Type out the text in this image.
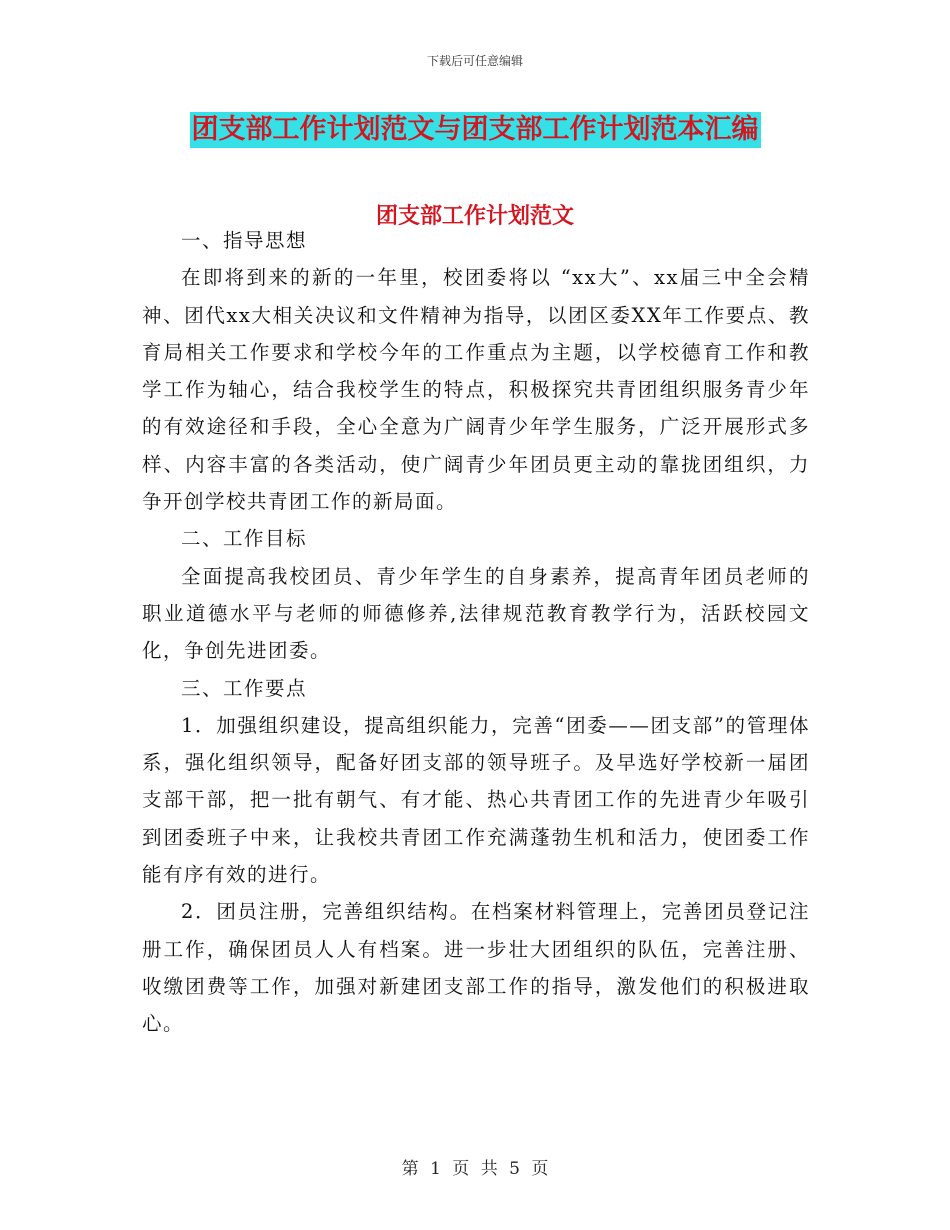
下载后可任意编辑
团支部工作计划范文与团支部工作计划范本汇编
团支部工作计划范文

一、指导思想

在即将到来的新的一年里，校团委将以 “xx大”、xx届三中全会精神、团代xx大相关决议和文件精神为指导，以团区委XX年工作要点、教育局相关工作要求和学校今年的工作重点为主题，以学校德育工作和教学工作为轴心，结合我校学生的特点，积极探究共青团组织服务青少年的有效途径和手段，全心全意为广阔青少年学生服务，广泛开展形式多样、内容丰富的各类活动，使广阔青少年团员更主动的靠拢团组织，力争开创学校共青团工作的新局面。

二、工作目标

全面提高我校团员、青少年学生的自身素养，提高青年团员老师的职业道德水平与老师的师德修养,法律规范教育教学行为，活跃校园文化，争创先进团委。

三、工作要点

1．加强组织建设，提高组织能力，完善“团委——团支部”的管理体系，强化组织领导，配备好团支部的领导班子。及早选好学校新一届团支部干部，把一批有朝气、有才能、热心共青团工作的先进青少年吸引到团委班子中来，让我校共青团工作充满蓬勃生机和活力，使团委工作能有序有效的进行。

2．团员注册，完善组织结构。在档案材料管理上，完善团员登记注册工作，确保团员人人有档案。进一步壮大团组织的队伍，完善注册、收缴团费等工作，加强对新建团支部工作的指导，激发他们的积极进取心。

第 1 页 共 5 页
